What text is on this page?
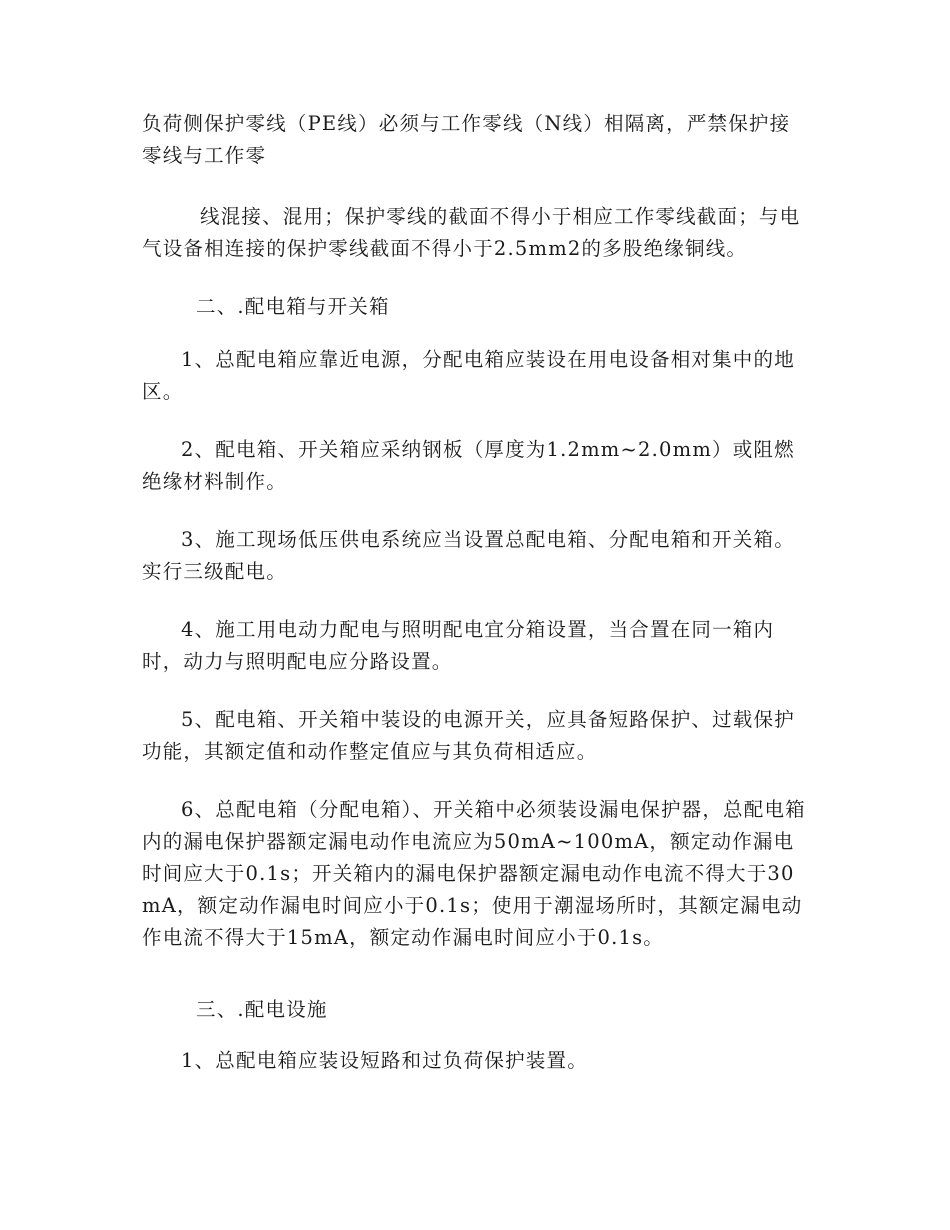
负荷侧保护零线（PE线）必须与工作零线（N线）相隔离，严禁保护接零线与工作零

线混接、混用；保护零线的截面不得小于相应工作零线截面；与电气设备相连接的保护零线截面不得小于2.5mm2的多股绝缘铜线。

二、.配电箱与开关箱

1、总配电箱应靠近电源，分配电箱应装设在用电设备相对集中的地区。

2、配电箱、开关箱应采纳钢板（厚度为1.2mm~2.0mm）或阻燃绝缘材料制作。

3、施工现场低压供电系统应当设置总配电箱、分配电箱和开关箱。实行三级配电。

4、施工用电动力配电与照明配电宜分箱设置，当合置在同一箱内时，动力与照明配电应分路设置。

5、配电箱、开关箱中装设的电源开关，应具备短路保护、过载保护功能，其额定值和动作整定值应与其负荷相适应。

6、总配电箱（分配电箱）、开关箱中必须装设漏电保护器，总配电箱内的漏电保护器额定漏电动作电流应为50mA~100mA，额定动作漏电时间应大于0.1s；开关箱内的漏电保护器额定漏电动作电流不得大于30mA，额定动作漏电时间应小于0.1s；使用于潮湿场所时，其额定漏电动作电流不得大于15mA，额定动作漏电时间应小于0.1s。

三、.配电设施

1、总配电箱应装设短路和过负荷保护装置。
